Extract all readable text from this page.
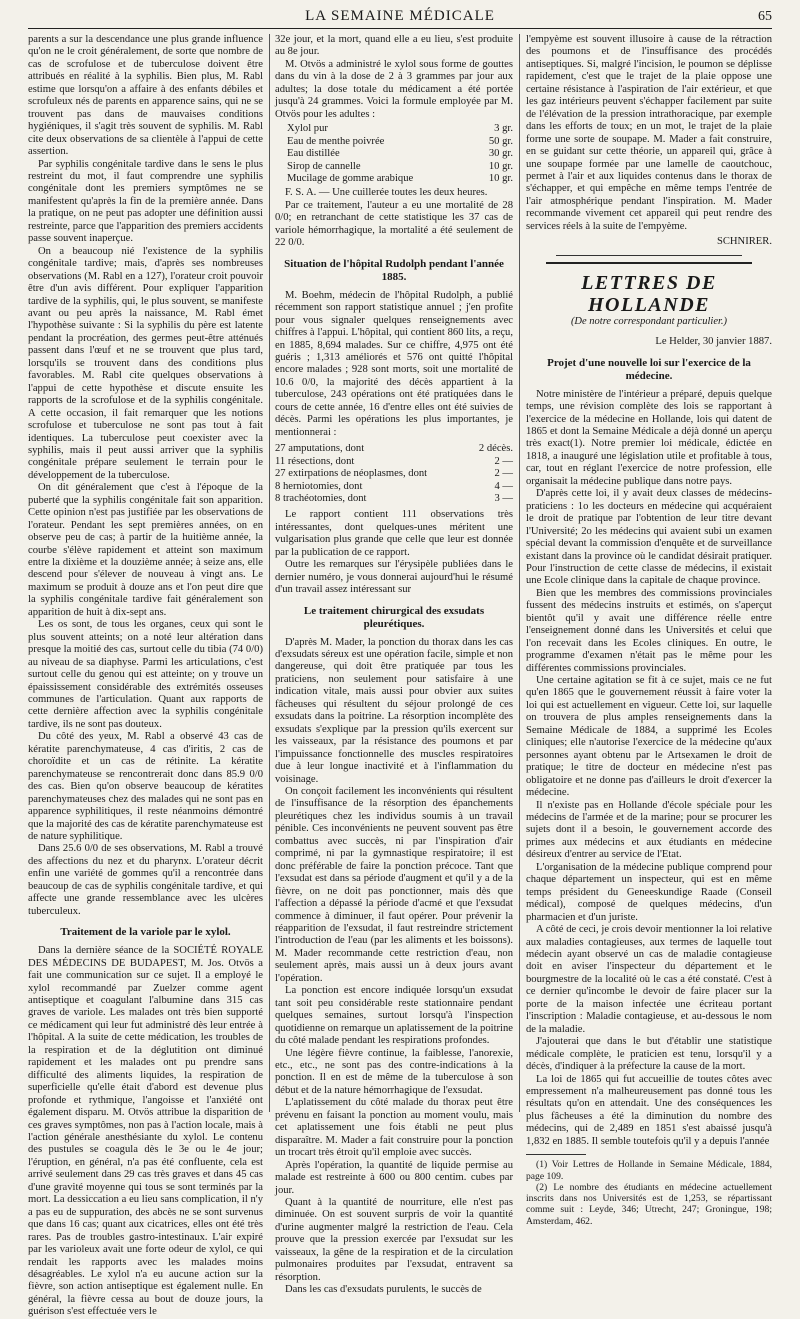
LA SEMAINE MÉDICALE	65

parents a sur la descendance une plus grande influence qu'on ne le croit généralement, de sorte que nombre de cas de scrofulose et de tuberculose doivent être attribués en réalité à la syphilis. Bien plus, M. Rabl estime que lorsqu'on a affaire à des enfants débiles et scrofuleux nés de parents en apparence sains, qui ne se trouvent pas dans de mauvaises conditions hygiéniques, il s'agit très souvent de syphilis. M. Rabl cite deux observations de sa clientèle à l'appui de cette assertion.

Par syphilis congénitale tardive dans le sens le plus restreint du mot, il faut comprendre une syphilis congénitale dont les premiers symptômes ne se manifestent qu'après la fin de la première année. Dans la pratique, on ne peut pas adopter une définition aussi restreinte, parce que l'apparition des premiers accidents passe souvent inaperçue.

On a beaucoup nié l'existence de la syphilis congénitale tardive; mais, d'après ses nombreuses observations (M. Rabl en a 127), l'orateur croit pouvoir être d'un avis différent. Pour expliquer l'apparition tardive de la syphilis, qui, le plus souvent, se manifeste avant ou peu après la naissance, M. Rabl émet l'hypothèse suivante : Si la syphilis du père est latente pendant la procréation, des germes peut-être atténués passent dans l'œuf et ne se trouvent que plus tard, lorsqu'ils se trouvent dans des conditions plus favorables. M. Rabl cite quelques observations à l'appui de cette hypothèse et discute ensuite les rapports de la scrofulose et de la syphilis congénitale. A cette occasion, il fait remarquer que les notions scrofulose et tuberculose ne sont pas tout à fait identiques. La tuberculose peut coexister avec la syphilis, mais il peut aussi arriver que la syphilis congénitale prépare seulement le terrain pour le développement de la tuberculose.

On dit généralement que c'est à l'époque de la puberté que la syphilis congénitale fait son apparition. Cette opinion n'est pas justifiée par les observations de l'orateur. Pendant les sept premières années, on en observe peu de cas; à partir de la huitième année, la courbe s'élève rapidement et atteint son maximum entre la dixième et la douzième année; à seize ans, elle descend pour s'élever de nouveau à vingt ans. Le maximum se produit à douze ans et l'on peut dire que la syphilis congénitale tardive fait généralement son apparition de huit à dix-sept ans.

Les os sont, de tous les organes, ceux qui sont le plus souvent atteints; on a noté leur altération dans presque la moitié des cas, surtout celle du tibia (74 0/0) au niveau de sa diaphyse. Parmi les articulations, c'est surtout celle du genou qui est atteinte; on y trouve un épaississement considérable des extrémités osseuses communes de l'articulation. Quant aux rapports de cette dernière affection avec la syphilis congénitale tardive, ils ne sont pas douteux.

Du côté des yeux, M. Rabl a observé 43 cas de kératite parenchymateuse, 4 cas d'iritis, 2 cas de choroïdite et un cas de rétinite. La kératite parenchymateuse se rencontrerait donc dans 85.9 0/0 des cas. Bien qu'on observe beaucoup de kératites parenchymateuses chez des malades qui ne sont pas en apparence syphilitiques, il reste néanmoins démontré que la majorité des cas de kératite parenchymateuse est de nature syphilitique.

Dans 25.6 0/0 de ses observations, M. Rabl a trouvé des affections du nez et du pharynx. L'orateur décrit enfin une variété de gommes qu'il a rencontrée dans beaucoup de cas de syphilis congénitale tardive, et qui affecte une grande ressemblance avec les ulcères tuberculeux.

Traitement de la variole par le xylol.

Dans la dernière séance de la SOCIÉTÉ ROYALE DES MÉDECINS DE BUDAPEST, M. Jos. Otvös a fait une communication sur ce sujet. Il a employé le xylol recommandé par Zuelzer comme agent antiseptique et coagulant l'albumine dans 315 cas graves de variole. Les malades ont très bien supporté ce médicament qui leur fut administré dès leur entrée à l'hôpital. A la suite de cette médication, les troubles de la respiration et de la déglutition ont diminué rapidement et les malades ont pu prendre sans difficulté des aliments liquides, la respiration de superficielle qu'elle était d'abord est devenue plus profonde et rythmique, l'angoisse et l'anxiété ont également disparu. M. Otvös attribue la disparition de ces graves symptômes, non pas à l'action locale, mais à l'action générale anesthésiante du xylol. Le contenu des pustules se coagula dès le 3e ou le 4e jour; l'éruption, en général, n'a pas été confluente, cela est arrivé seulement dans 29 cas très graves et dans 45 cas d'une gravité moyenne qui tous se sont terminés par la mort. La dessiccation a eu lieu sans complication, il n'y a pas eu de suppuration, des abcès ne se sont survenus que dans 16 cas; quant aux cicatrices, elles ont été très rares. Pas de troubles gastro-intestinaux. L'air expiré par les varioleux avait une forte odeur de xylol, ce qui rendait les rapports avec les malades moins désagréables. Le xylol n'a eu aucune action sur la fièvre, son action antiseptique est également nulle. En général, la fièvre cessa au bout de douze jours, la guérison s'est effectuée vers le

32e jour, et la mort, quand elle a eu lieu, s'est produite au 8e jour.

M. Otvös a administré le xylol sous forme de gouttes dans du vin à la dose de 2 à 3 grammes par jour aux adultes; la dose totale du médicament a été portée jusqu'à 24 grammes. Voici la formule employée par M. Otvös pour les adultes :

Xylol pur	3 gr.
Eau de menthe poivrée	50 gr.
Eau distillée	30 gr.
Sirop de cannelle	10 gr.
Mucilage de gomme arabique	10 gr.

F. S. A. — Une cuillerée toutes les deux heures.

Par ce traitement, l'auteur a eu une mortalité de 28 0/0; en retranchant de cette statistique les 37 cas de variole hémorrhagique, la mortalité a été seulement de 22 0/0.

Situation de l'hôpital Rudolph pendant l'année 1885.

M. Boehm, médecin de l'hôpital Rudolph, a publié récemment son rapport statistique annuel ; j'en profite pour vous signaler quelques renseignements avec chiffres à l'appui. L'hôpital, qui contient 860 lits, a reçu, en 1885, 8,694 malades. Sur ce chiffre, 4,975 ont été guéris ; 1,313 améliorés et 576 ont quitté l'hôpital encore malades ; 928 sont morts, soit une mortalité de 10.6 0/0, la majorité des décès appartient à la tuberculose, 243 opérations ont été pratiquées dans le cours de cette année, 16 d'entre elles ont été suivies de décès. Parmi les opérations les plus importantes, je mentionnerai :

27 amputations, dont	2 décès.
11 résections, dont	2 —
27 extirpations de néoplasmes, dont	2 —
8 herniotomies, dont	4 —
8 trachéotomies, dont	3 —

Le rapport contient 111 observations très intéressantes, dont quelques-unes méritent une vulgarisation plus grande que celle que leur est donnée par la publication de ce rapport.

Outre les remarques sur l'érysipèle publiées dans le dernier numéro, je vous donnerai aujourd'hui le résumé d'un travail assez intéressant sur

Le traitement chirurgical des exsudats pleurétiques.

D'après M. Mader, la ponction du thorax dans les cas d'exsudats séreux est une opération facile, simple et non dangereuse, qui doit être pratiquée par tous les praticiens, non seulement pour satisfaire à une indication vitale, mais aussi pour obvier aux suites fâcheuses qui résultent du séjour prolongé de ces exsudats dans la poitrine. La résorption incomplète des exsudats s'explique par la pression qu'ils exercent sur les vaisseaux, par la résistance des poumons et par l'impuissance fonctionnelle des muscles respiratoires due à leur longue inactivité et à l'inflammation du voisinage.

On conçoit facilement les inconvénients qui résultent de l'insuffisance de la résorption des épanchements pleurétiques chez les individus soumis à un travail pénible. Ces inconvénients ne peuvent souvent pas être combattus avec succès, ni par l'inspiration d'air comprimé, ni par la gymnastique respiratoire; il est donc préférable de faire la ponction précoce. Tant que l'exsudat est dans sa période d'augment et qu'il y a de la fièvre, on ne doit pas ponctionner, mais dès que l'affection a dépassé la période d'acmé et que l'exsudat commence à diminuer, il faut opérer. Pour prévenir la réapparition de l'exsudat, il faut restreindre strictement l'introduction de l'eau (par les aliments et les boissons). M. Mader recommande cette restriction d'eau, non seulement après, mais aussi un à deux jours avant l'opération.

La ponction est encore indiquée lorsqu'un exsudat tant soit peu considérable reste stationnaire pendant quelques semaines, surtout lorsqu'à l'inspection quotidienne on remarque un aplatissement de la poitrine du côté malade pendant les respirations profondes.

Une légère fièvre continue, la faiblesse, l'anorexie, etc., etc., ne sont pas des contre-indications à la ponction. Il en est de même de la tuberculose à son début et de la nature hémorrhagique de l'exsudat.

L'aplatissement du côté malade du thorax peut être prévenu en faisant la ponction au moment voulu, mais cet aplatissement une fois établi ne peut plus disparaître. M. Mader a fait construire pour la ponction un trocart très étroit qu'il emploie avec succès.

Après l'opération, la quantité de liquide permise au malade est restreinte à 600 ou 800 centim. cubes par jour.

Quant à la quantité de nourriture, elle n'est pas diminuée. On est souvent surpris de voir la quantité d'urine augmenter malgré la restriction de l'eau. Cela prouve que la pression exercée par l'exsudat sur les vaisseaux, la gêne de la respiration et de la circulation pulmonaires produites par l'exsudat, entravent sa résorption.

Dans les cas d'exsudats purulents, le succès de

l'empyème est souvent illusoire à cause de la rétraction des poumons et de l'insuffisance des procédés antiseptiques. Si, malgré l'incision, le poumon se déplisse rapidement, c'est que le trajet de la plaie oppose une certaine résistance à l'aspiration de l'air extérieur, et que les gaz intérieurs peuvent s'échapper facilement par suite de l'élévation de la pression intrathoracique, par exemple dans les efforts de toux; en un mot, le trajet de la plaie forme une sorte de soupape. M. Mader a fait construire, en se guidant sur cette théorie, un appareil qui, grâce à une soupape formée par une lamelle de caoutchouc, permet à l'air et aux liquides contenus dans le thorax de s'échapper, et qui empêche en même temps l'entrée de l'air atmosphérique pendant l'inspiration. M. Mader recommande vivement cet appareil qui peut rendre des services réels à la suite de l'empyème.

SCHNIRER.
LETTRES DE HOLLANDE
(De notre correspondant particulier.)
Le Helder, 30 janvier 1887.
Projet d'une nouvelle loi sur l'exercice de la médecine.

Notre ministère de l'intérieur a préparé, depuis quelque temps, une révision complète des lois se rapportant à l'exercice de la médecine en Hollande, lois qui datent de 1865 et dont la Semaine Médicale a déjà donné un aperçu très exact(1). Notre premier loi médicale, édictée en 1818, a inauguré une législation utile et profitable à tous, car, tout en réglant l'exercice de notre profession, elle organisait la médecine publique dans notre pays.

D'après cette loi, il y avait deux classes de médecins-praticiens : 1o les docteurs en médecine qui acquéraient le droit de pratique par l'obtention de leur titre devant l'Université; 2o les médecins qui avaient subi un examen spécial devant la commission d'enquête et de surveillance existant dans la province où le candidat désirait pratiquer. Pour l'instruction de cette classe de médecins, il existait une Ecole clinique dans la capitale de chaque province.

Bien que les membres des commissions provinciales fussent des médecins instruits et estimés, on s'aperçut bientôt qu'il y avait une différence réelle entre l'enseignement donné dans les Universités et celui que l'on recevait dans les Ecoles cliniques. En outre, le programme d'examen n'était pas le même pour les différentes commissions provinciales.

Une certaine agitation se fit à ce sujet, mais ce ne fut qu'en 1865 que le gouvernement réussit à faire voter la loi qui est actuellement en vigueur. Cette loi, sur laquelle on trouvera de plus amples renseignements dans la Semaine Médicale de 1884, a supprimé les Ecoles cliniques; elle n'autorise l'exercice de la médecine qu'aux personnes ayant obtenu par le Artsexamen le droit de pratique; le titre de docteur en médecine n'est pas obligatoire et ne donne pas d'ailleurs le droit d'exercer la médecine.

Il n'existe pas en Hollande d'école spéciale pour les médecins de l'armée et de la marine; pour se procurer les sujets dont il a besoin, le gouvernement accorde des primes aux médecins et aux étudiants en médecine désireux d'entrer au service de l'Etat.

L'organisation de la médecine publique comprend pour chaque département un inspecteur, qui est en même temps président du Geneeskundige Raade (Conseil médical), composé de quelques médecins, d'un pharmacien et d'un juriste.

A côté de ceci, je crois devoir mentionner la loi relative aux maladies contagieuses, aux termes de laquelle tout médecin ayant observé un cas de maladie contagieuse doit en aviser l'inspecteur du département et le bourgmestre de la localité où le cas a été constaté. C'est à ce dernier qu'incombe le devoir de faire placer sur la porte de la maison infectée une écriteau portant l'inscription : Maladie contagieuse, et au-dessous le nom de la maladie.

J'ajouterai que dans le but d'établir une statistique médicale complète, le praticien est tenu, lorsqu'il y a décès, d'indiquer à la préfecture la cause de la mort.

La loi de 1865 qui fut accueillie de toutes côtes avec empressement n'a malheureusement pas donné tous les résultats qu'on en attendait. Une des conséquences les plus fâcheuses a été la diminution du nombre des médecins, qui de 2,489 en 1851 s'est abaissé jusqu'à 1,832 en 1885. Il semble toutefois qu'il y a depuis l'année

(1) Voir Lettres de Hollande in Semaine Médicale, 1884, page 109.

(2) Le nombre des étudiants en médecine actuellement inscrits dans nos Universités est de 1,253, se répartissant comme suit : Leyde, 346; Utrecht, 247; Groningue, 198; Amsterdam, 462.
